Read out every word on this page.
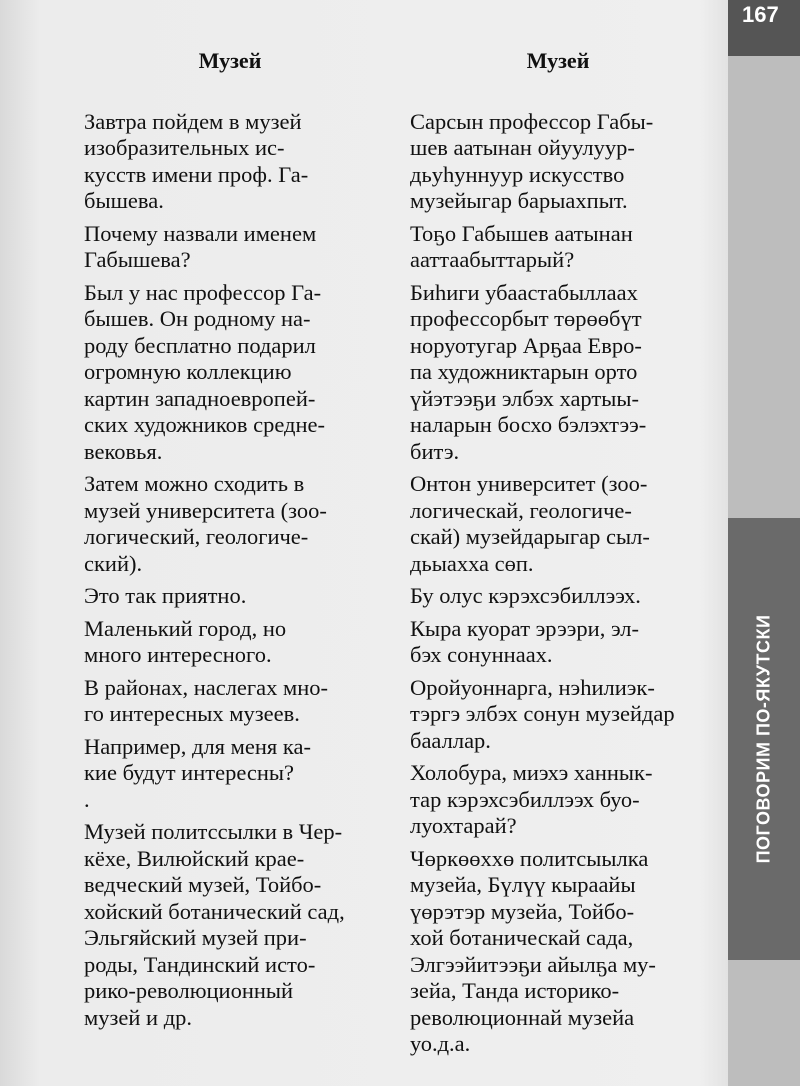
167
ПОГОВОРИМ ПО-ЯКУТСКИ
Музей
Завтра пойдем в музей
изобразительных ис-
кусств имени проф. Га-
бышева.
Почему назвали именем
Габышева?
Был у нас профессор Га-
бышев. Он родному на-
роду бесплатно подарил
огромную коллекцию
картин западноевропей-
ских художников средне-
вековья.
Затем можно сходить в
музей университета (зоо-
логический, геологиче-
ский).
Это так приятно.
Маленький город, но
много интересного.
В районах, наслегах мно-
го интересных музеев.
Например, для меня ка-
кие будут интересны?
.
Музей политссылки в Чер-
кёхе, Вилюйский крае-
ведческий музей, Тойбо-
хойский ботанический сад,
Эльгяйский музей при-
роды, Тандинский исто-
рико-революционный
музей и др.
Музей
Сарсын профессор Габы-
шев аатынан ойуулуур-
дьуһуннуур искусство
музейыгар барыахпыт.
Тоҕо Габышев аатынан
ааттаабыттарый?
Биһиги убаастабыллаах
профессорбыт төрөөбүт
норуотугар Арҕаа Евро-
па художниктарын орто
үйэтээҕи элбэх хартыы-
наларын босхо бэлэхтээ-
битэ.
Онтон университет (зоо-
логическай, геологиче-
скай) музейдарыгар сыл-
дьыахха сөп.
Бу олус кэрэхсэбиллээх.
Кыра куорат эрээри, эл-
бэх сонуннаах.
Оройуоннарга, нэһилиэк-
тэргэ элбэх сонун музейдар
бааллар.
Холобура, миэхэ ханнык-
тар кэрэхсэбиллээх буо-
луохтарай?
Чөркөөххө политсыылка
музейа, Бүлүү кыраайы
үөрэтэр музейа, Тойбо-
хой ботаническай сада,
Элгээйитээҕи айылҕа му-
зейа, Танда историко-
революционнай музейа
уо.д.а.
